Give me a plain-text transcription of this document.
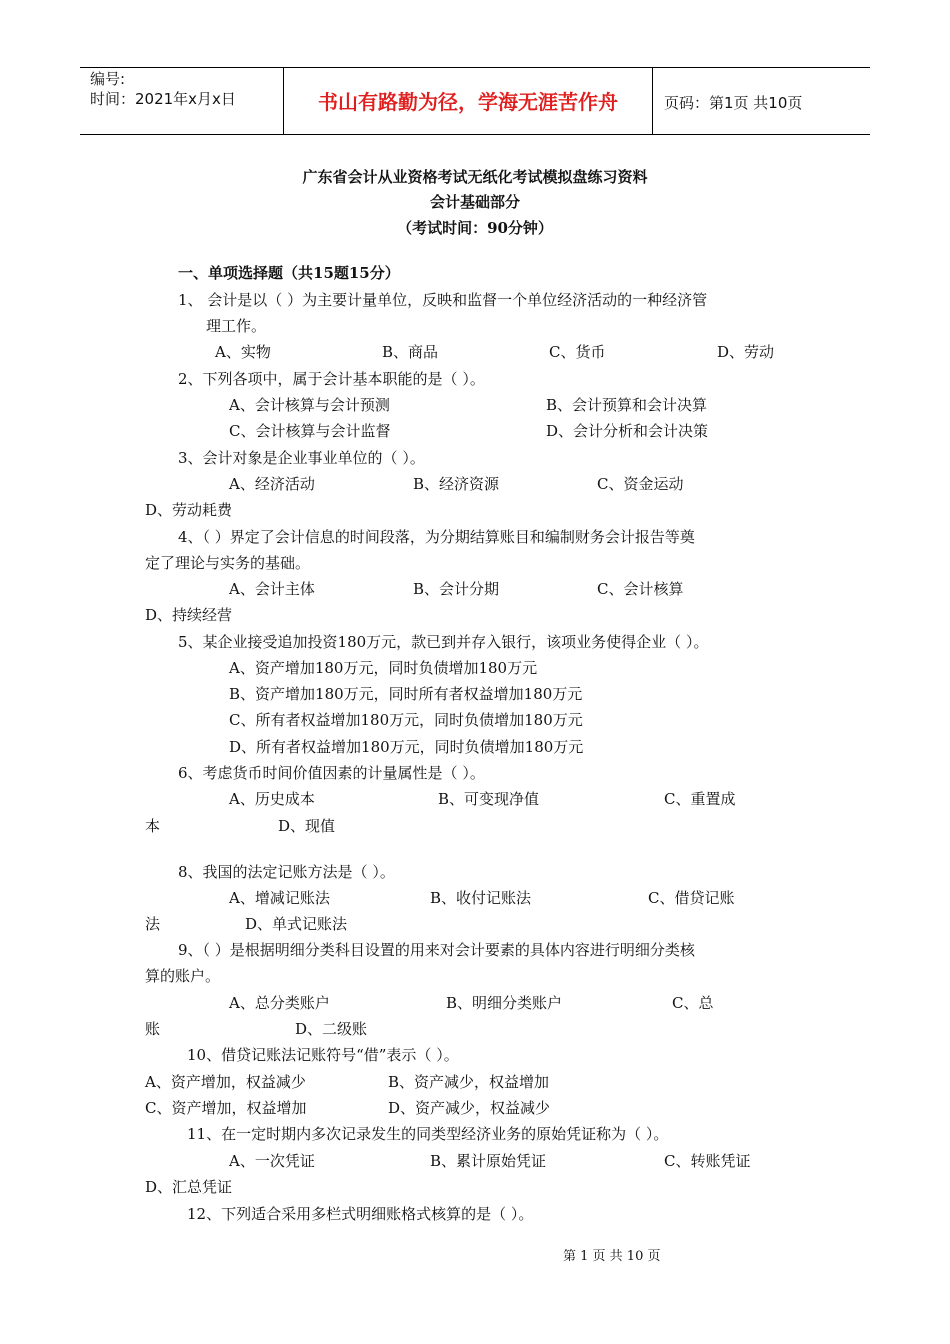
编号:
时间：2021年x月x日	书山有路勤为径，学海无涯苦作舟	页码：第1页 共10页
广东省会计从业资格考试无纸化考试模拟盘练习资料
会计基础部分
（考试时间：90分钟）
一、单项选择题（共15题15分）
1、 会计是以（ ）为主要计量单位，反映和监督一个单位经济活动的一种经济管
理工作。
A、实物	B、商品	C、货币	D、劳动
2、下列各项中，属于会计基本职能的是（ ）。
A、会计核算与会计预测	B、会计预算和会计决算
C、会计核算与会计监督	D、会计分析和会计决策
3、会计对象是企业事业单位的（ ）。
A、经济活动	B、经济资源	C、资金运动
D、劳动耗费
4、（ ）界定了会计信息的时间段落，为分期结算账目和编制财务会计报告等奠
定了理论与实务的基础。
A、会计主体	B、会计分期	C、会计核算
D、持续经营
5、某企业接受追加投资180万元，款已到并存入银行，该项业务使得企业（ ）。
A、资产增加180万元，同时负债增加180万元
B、资产增加180万元，同时所有者权益增加180万元
C、所有者权益增加180万元，同时负债增加180万元
D、所有者权益增加180万元，同时负债增加180万元
6、考虑货币时间价值因素的计量属性是（ ）。
A、历史成本	B、可变现净值	C、重置成
本	D、现值
8、我国的法定记账方法是（ ）。
A、增减记账法	B、收付记账法	C、借贷记账
法	D、单式记账法
9、（ ）是根据明细分类科目设置的用来对会计要素的具体内容进行明细分类核
算的账户。
A、总分类账户	B、明细分类账户	C、总
账	D、二级账
10、借贷记账法记账符号“借”表示（ ）。
A、资产增加，权益减少	B、资产减少，权益增加
C、资产增加，权益增加	D、资产减少，权益减少
11、在一定时期内多次记录发生的同类型经济业务的原始凭证称为（ ）。
A、一次凭证	B、累计原始凭证	C、转账凭证
D、汇总凭证
12、下列适合采用多栏式明细账格式核算的是（ ）。
第 1 页 共 10 页
